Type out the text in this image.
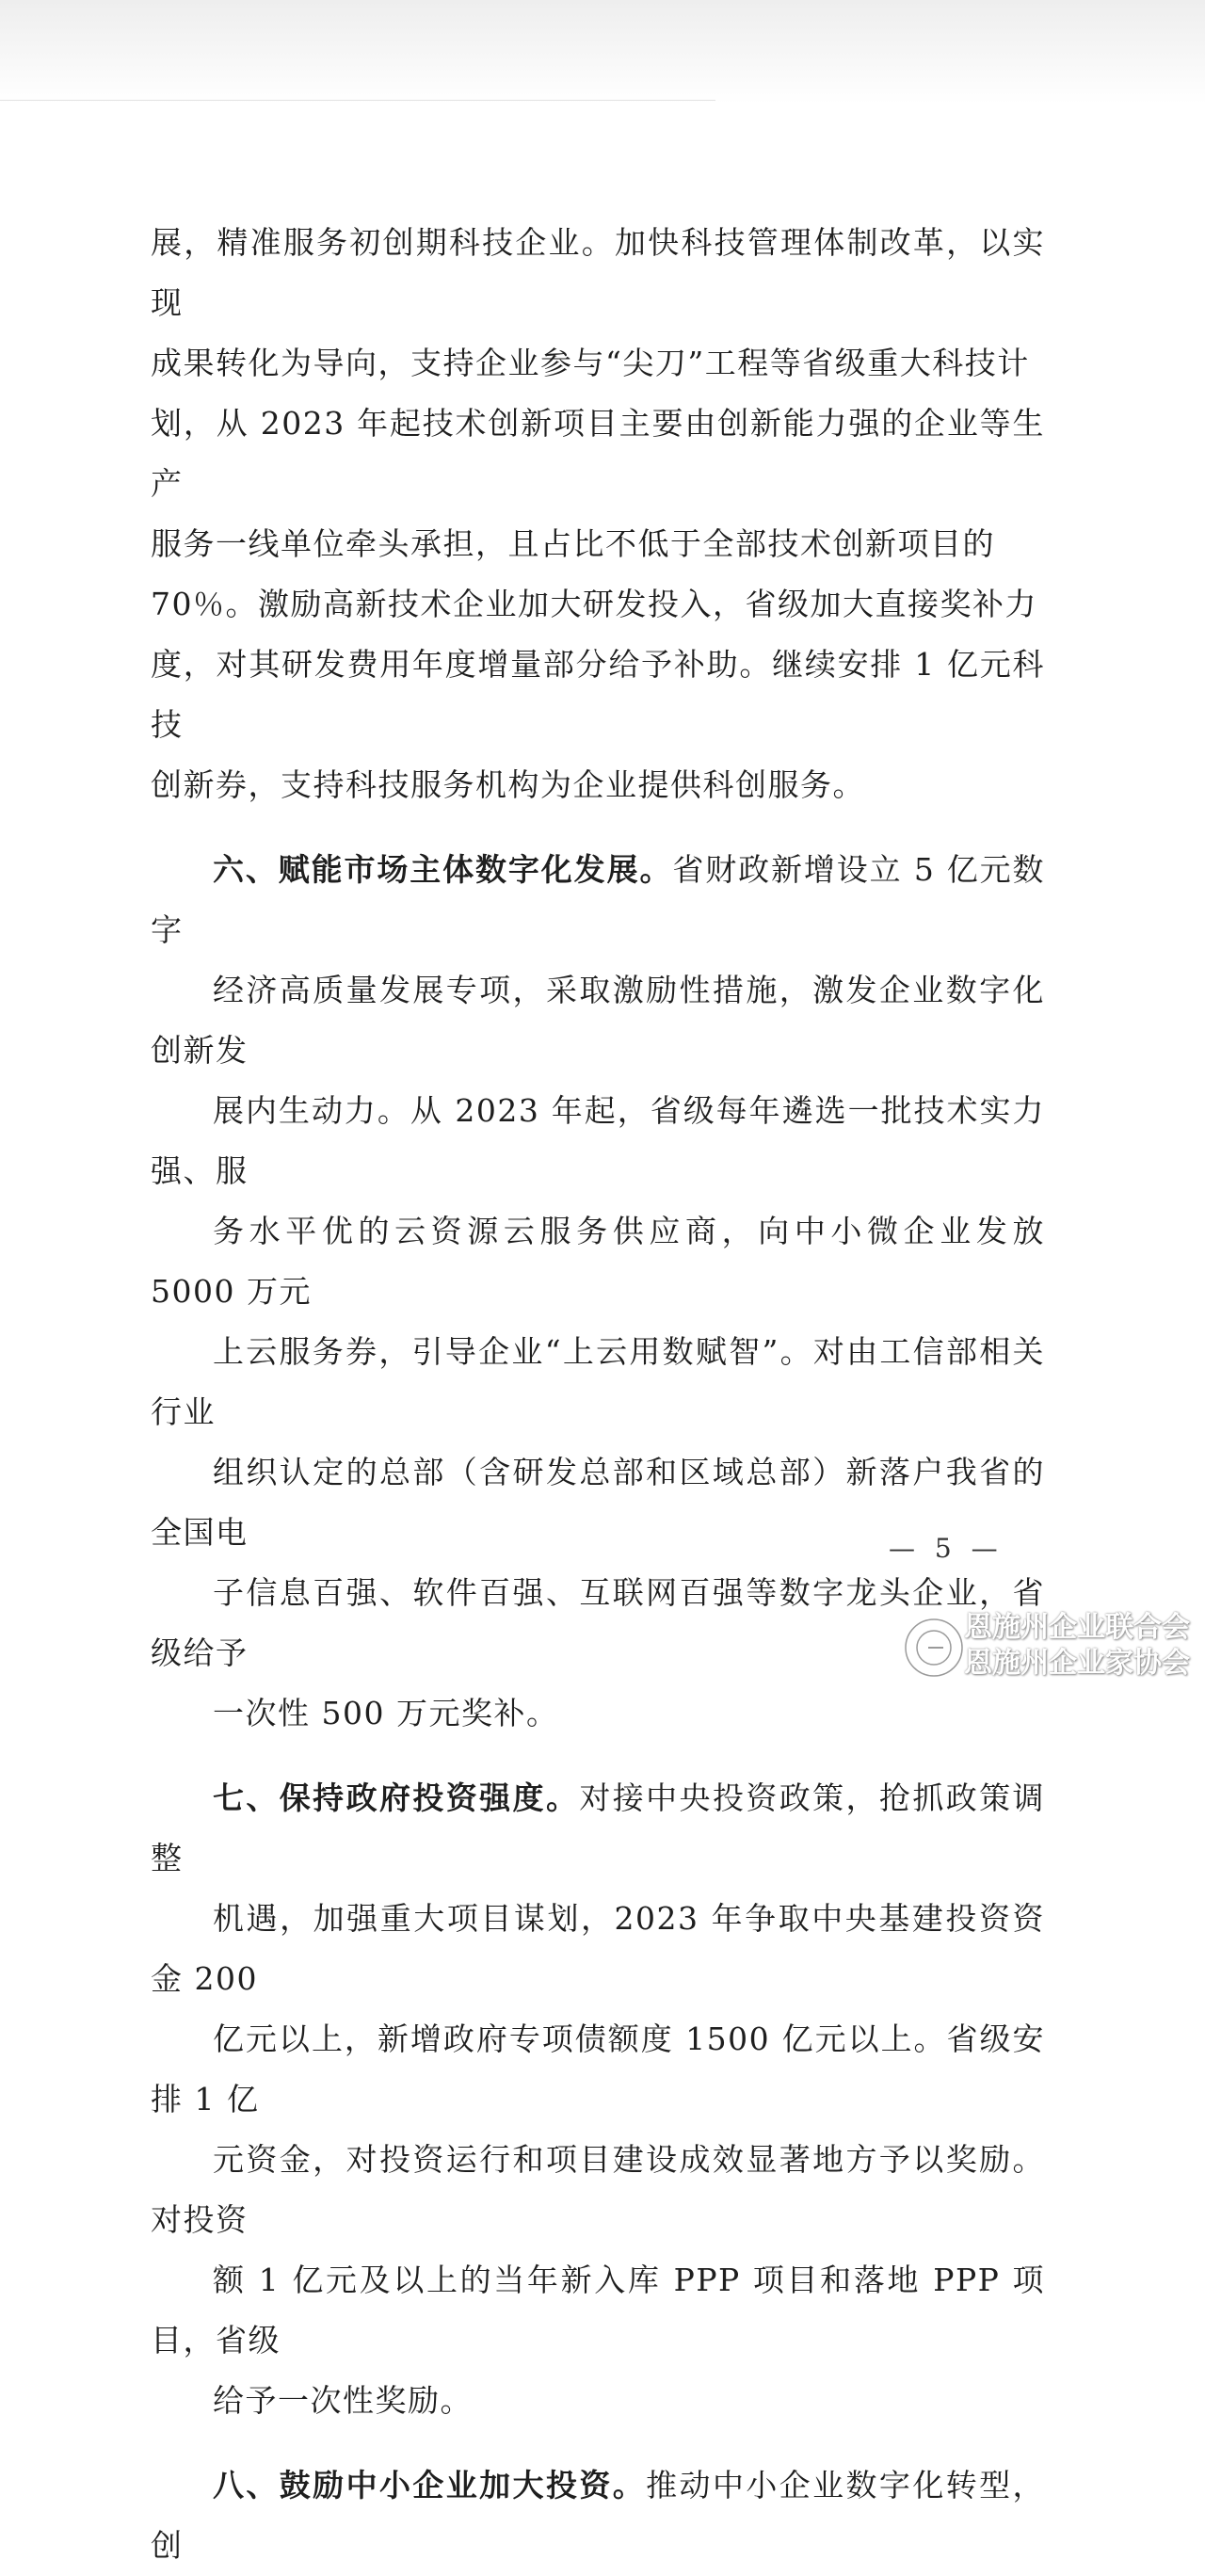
展，精准服务初创期科技企业。加快科技管理体制改革，以实现
成果转化为导向，支持企业参与“尖刀”工程等省级重大科技计
划，从 2023 年起技术创新项目主要由创新能力强的企业等生产
服务一线单位牵头承担，且占比不低于全部技术创新项目的
70％。激励高新技术企业加大研发投入，省级加大直接奖补力
度，对其研发费用年度增量部分给予补助。继续安排 1 亿元科技
创新券，支持科技服务机构为企业提供科创服务。

六、赋能市场主体数字化发展。省财政新增设立 5 亿元数字
经济高质量发展专项，采取激励性措施，激发企业数字化创新发
展内生动力。从 2023 年起，省级每年遴选一批技术实力强、服
务水平优的云资源云服务供应商，向中小微企业发放 5000 万元
上云服务券，引导企业“上云用数赋智”。对由工信部相关行业
组织认定的总部（含研发总部和区域总部）新落户我省的全国电
子信息百强、软件百强、互联网百强等数字龙头企业，省级给予
一次性 500 万元奖补。

七、保持政府投资强度。对接中央投资政策，抢抓政策调整
机遇，加强重大项目谋划，2023 年争取中央基建投资资金 200
亿元以上，新增政府专项债额度 1500 亿元以上。省级安排 1 亿
元资金，对投资运行和项目建设成效显著地方予以奖励。对投资
额 1 亿元及以上的当年新入库 PPP 项目和落地 PPP 项目，省级
给予一次性奖励。

八、鼓励中小企业加大投资。推动中小企业数字化转型，创

— 5 —
恩施州企业联合会
恩施州企业家协会
